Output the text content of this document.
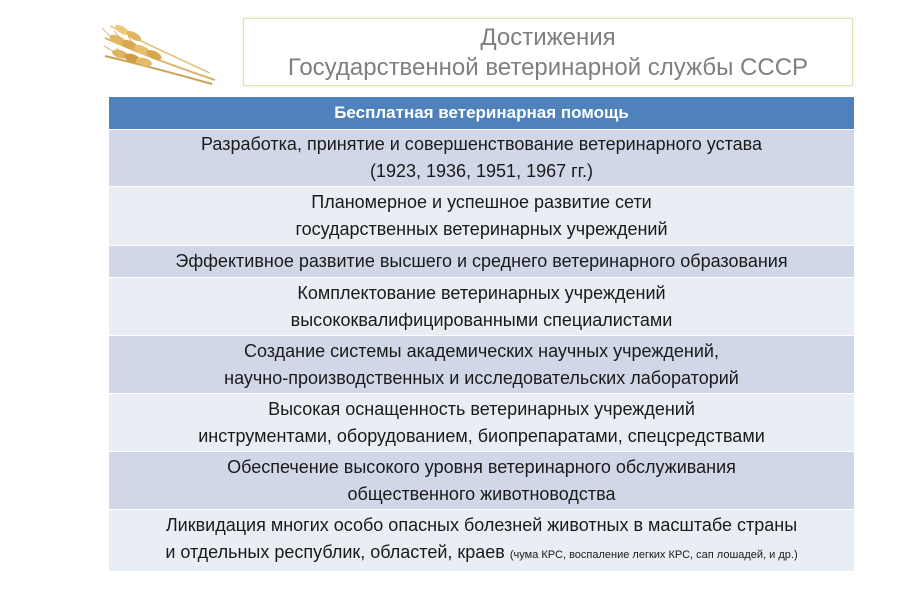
Достижения
Государственной ветеринарной службы СССР
Бесплатная ветеринарная помощь
Разработка, принятие и совершенствование ветеринарного устава
(1923, 1936, 1951, 1967 гг.)
Планомерное и успешное развитие сети
государственных ветеринарных учреждений
Эффективное развитие высшего и среднего ветеринарного образования
Комплектование ветеринарных учреждений
высококвалифицированными специалистами
Создание системы академических научных учреждений,
научно-производственных и исследовательских лабораторий
Высокая оснащенность ветеринарных учреждений
инструментами, оборудованием, биопрепаратами, спецсредствами
Обеспечение высокого уровня ветеринарного обслуживания
общественного животноводства
Ликвидация многих особо опасных болезней животных в масштабе страны
и отдельных республик, областей, краев (чума КРС, воспаление легких КРС, сап лошадей, и др.)
